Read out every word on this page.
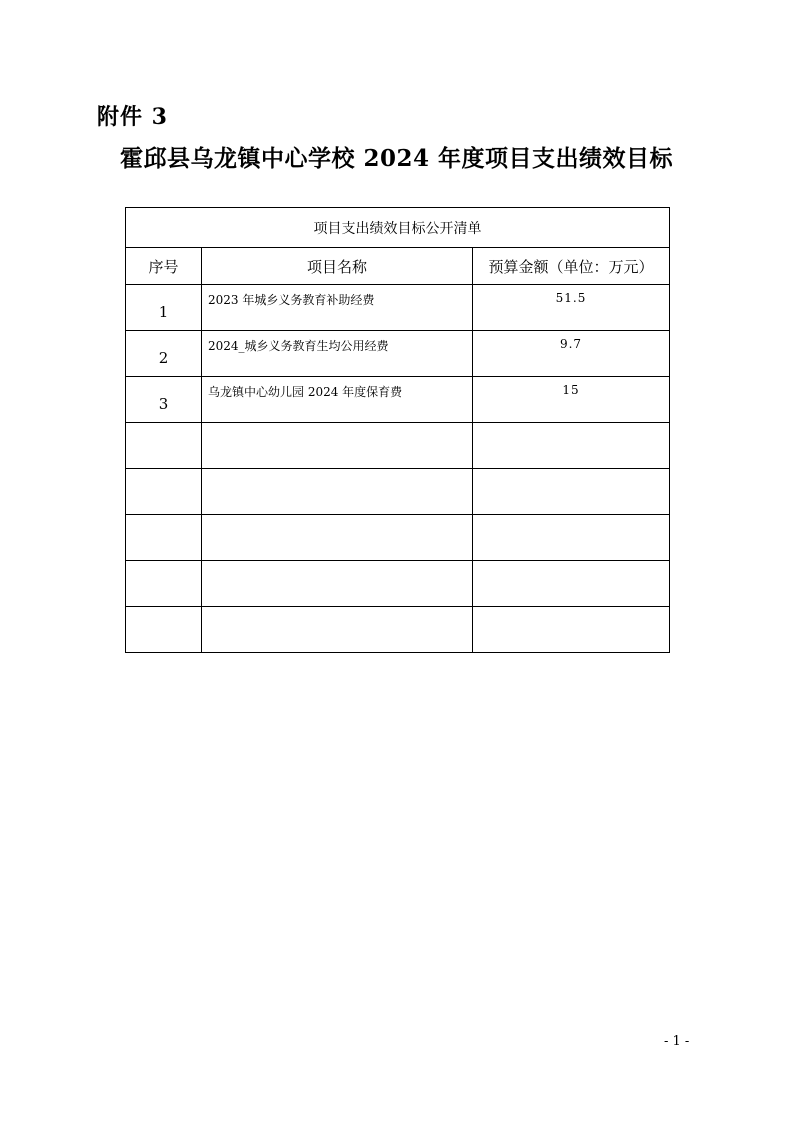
附件 3
霍邱县乌龙镇中心学校 2024 年度项目支出绩效目标
项目支出绩效目标公开清单		
序号	项目名称	预算金额（单位：万元）
1	2023 年城乡义务教育补助经费	51.5
2	2024_城乡义务教育生均公用经费	9.7
3	乌龙镇中心幼儿园 2024 年度保育费	15

- 1 -
